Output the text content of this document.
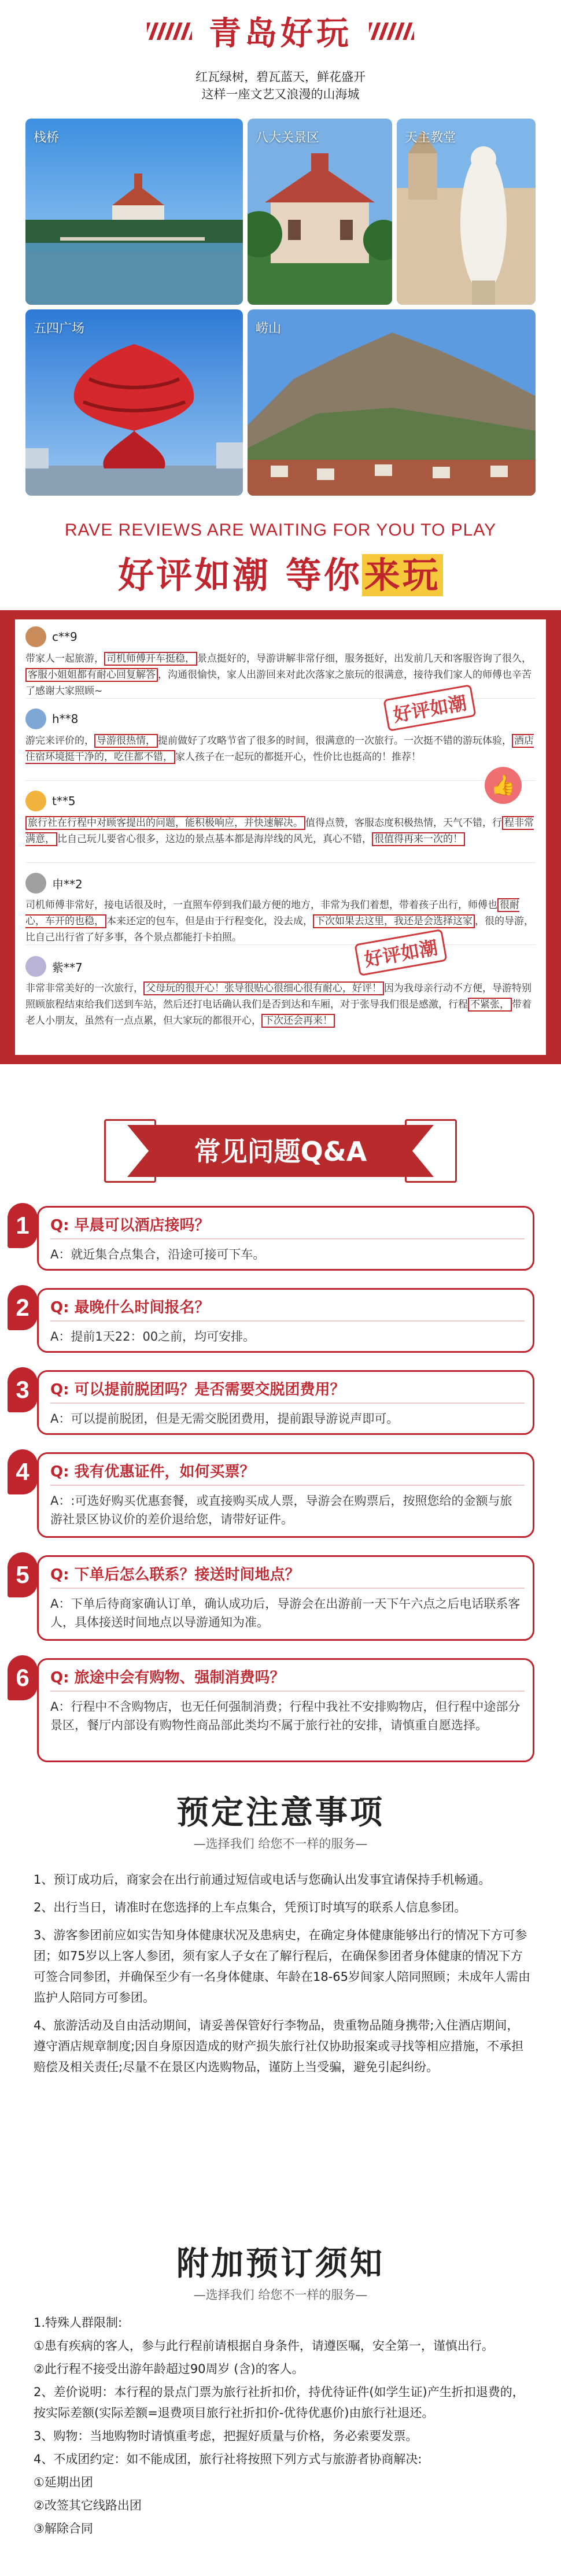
青岛好玩
红瓦绿树，碧瓦蓝天，鲜花盛开
这样一座文艺又浪漫的山海城
栈桥	八大关景区	天主教堂
五四广场	崂山
RAVE REVIEWS ARE WAITING FOR YOU TO PLAY
好评如潮 等你来玩
c**9
带家人一起旅游， 司机师傅开车挺稳， 景点挺好的，导游讲解非常仔细，服务挺好，出发前几天和客服咨询了很久，客服小姐姐都有耐心回复解答 ，沟通很愉快，家人出游回来对此次落家之旅玩的很满意，接待我们家人的师傅也辛苦了感谢大家照顾~
好评如潮
h**8
游完来评价的， 导游很热情， 提前做好了攻略节省了很多的时间，很满意的一次旅行。一次挺不错的游玩体验， 酒店住宿环境挺干净的，吃住都不错， 家人孩子在一起玩的都挺开心，性价比也挺高的！推荐！
👍
t**5
旅行社在行程中对顾客提出的问题，能积极响应，并快速解决。 值得点赞，客服态度积极热情，天气不错，行 程非常满意， 比自己玩儿要省心很多，这边的景点基本都是海岸线的风光，真心不错， 很值得再来一次的！
申**2
司机师傅非常好，接电话很及时，一直照车停到我们最方便的地方，非常为我们着想，带着孩子出行，师傅也 很耐心，车开的也稳， 本来还定的包车，但是由于行程变化，没去成， 下次如果去这里，我还是会选择这家 ，很的导游，比自己出行省了好多事，各个景点都能打卡拍照。	好评如潮
紫**7
非常非常美好的一次旅行， 父母玩的很开心！张导很贴心很细心很有耐心，好评！ 因为我母亲行动不方便，导游特别照顾旅程结束给我们送到车站，然后还打电话确认我们是否到达和车厢，对于张导我们很是感激，行程 不紧张， 带着老人小朋友，虽然有一点点累，但大家玩的都很开心， 下次还会再来！
常见问题Q&A
1	Q: 早晨可以酒店接吗？
A：就近集合点集合，沿途可接可下车。
2	Q: 最晚什么时间报名？
A：提前1天22：00之前，均可安排。
3	Q: 可以提前脱团吗？是否需要交脱团费用？
A：可以提前脱团，但是无需交脱团费用，提前跟导游说声即可。
4	Q: 我有优惠证件，如何买票？
A：:可选好购买优惠套餐，或直接购买成人票，导游会在购票后，按照您给的金额与旅游社景区协议价的差价退给您，请带好证件。
5	Q: 下单后怎么联系？接送时间地点？
A：下单后待商家确认订单，确认成功后，导游会在出游前一天下午六点之后电话联系客人，具体接送时间地点以导游通知为准。
6	Q: 旅途中会有购物、强制消费吗？
A：行程中不含购物店，也无任何强制消费；行程中我社不安排购物店，但行程中途部分景区，餐厅内部设有购物性商品部此类均不属于旅行社的安排，请慎重自愿选择。
预定注意事项
—选择我们 给您不一样的服务—

1、预订成功后，商家会在出行前通过短信或电话与您确认出发事宜请保持手机畅通。

2、出行当日，请准时在您选择的上车点集合，凭预订时填写的联系人信息参团。

3、游客参团前应如实告知身体健康状况及患病史，在确定身体健康能够出行的情况下方可参团；如75岁以上客人参团，须有家人子女在了解行程后，在确保参团者身体健康的情况下方可签合同参团，并确保至少有一名身体健康、年龄在18-65岁间家人陪同照顾；未成年人需由监护人陪同方可参团。

4、旅游活动及自由活动期间，请妥善保管好行李物品，贵重物品随身携带;入住酒店期间，遵守酒店规章制度;因自身原因造成的财产损失旅行社仅协助报案或寻找等相应措施，不承担赔偿及相关责任;尽量不在景区内选购物品，谨防上当受骗，避免引起纠纷。

附加预订须知
—选择我们 给您不一样的服务—

1.特殊人群限制:

①患有疾病的客人，参与此行程前请根据自身条件，请遵医嘱，安全第一，谨慎出行。

②此行程不接受出游年龄超过90周岁 (含)的客人。

2、差价说明：本行程的景点门票为旅行社折扣价，持优待证件(如学生证)产生折扣退费的，按实际差额(实际差额=退费项目旅行社折扣价-优待优惠价)由旅行社退还。

3、购物：当地购物时请慎重考虑，把握好质量与价格，务必索要发票。

4、不成团约定：如不能成团，旅行社将按照下列方式与旅游者协商解决:

①延期出团

②改签其它线路出团

③解除合同
